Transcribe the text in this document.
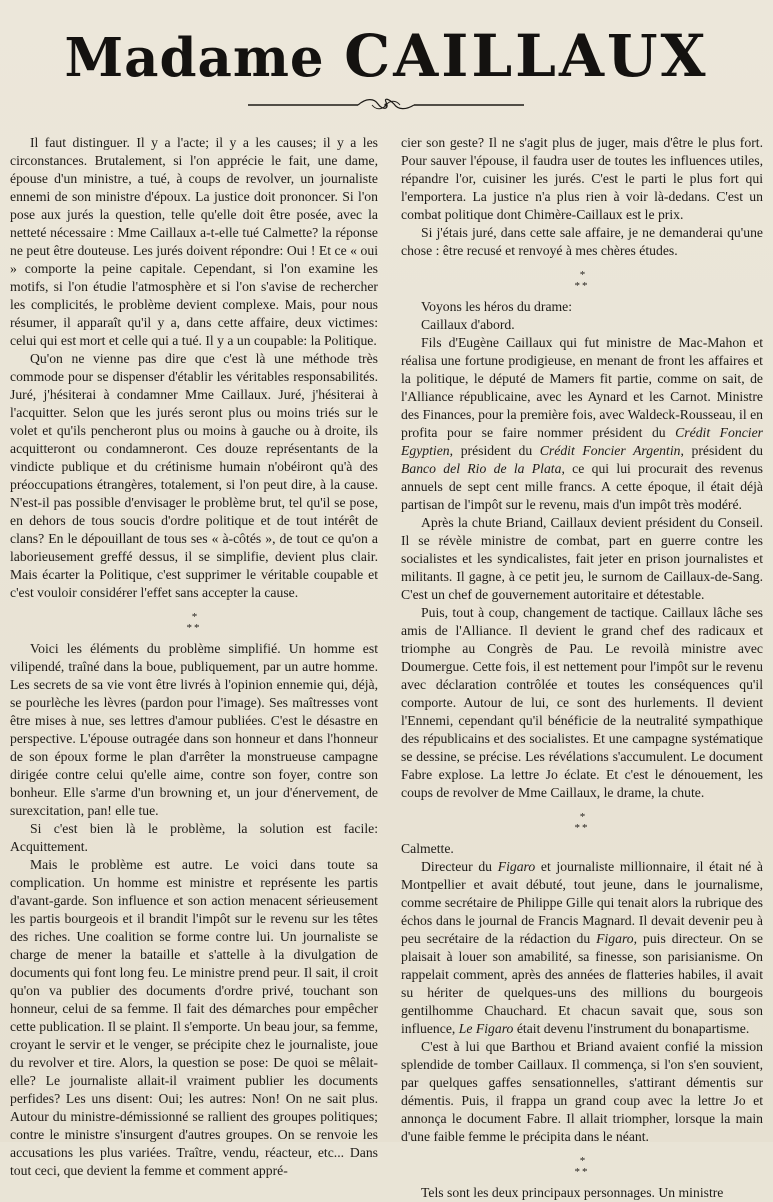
Madame CAILLAUX

Il faut distinguer. Il y a l'acte; il y a les causes; il y a les circonstances. Brutalement, si l'on apprécie le fait, une dame, épouse d'un ministre, a tué, à coups de revolver, un journaliste ennemi de son ministre d'époux. La justice doit prononcer. Si l'on pose aux jurés la question, telle qu'elle doit être posée, avec la netteté nécessaire : Mme Caillaux a-t-elle tué Calmette? la réponse ne peut être douteuse. Les jurés doivent répondre: Oui ! Et ce « oui » comporte la peine capitale. Cependant, si l'on examine les motifs, si l'on étudie l'atmosphère et si l'on s'avise de rechercher les complicités, le problème devient complexe. Mais, pour nous résumer, il apparaît qu'il y a, dans cette affaire, deux victimes: celui qui est mort et celle qui a tué. Il y a un coupable: la Politique.

Qu'on ne vienne pas dire que c'est là une méthode très commode pour se dispenser d'établir les véritables responsabilités. Juré, j'hésiterai à condamner Mme Caillaux. Juré, j'hésiterai à l'acquitter. Selon que les jurés seront plus ou moins triés sur le volet et qu'ils pencheront plus ou moins à gauche ou à droite, ils acquitteront ou condamneront. Ces douze représentants de la vindicte publique et du crétinisme humain n'obéiront qu'à des préoccupations étrangères, totalement, si l'on peut dire, à la cause. N'est-il pas possible d'envisager le problème brut, tel qu'il se pose, en dehors de tous soucis d'ordre politique et de tout intérêt de clans? En le dépouillant de tous ses « à-côtés », de tout ce qu'on a laborieusement greffé dessus, il se simplifie, devient plus clair. Mais écarter la Politique, c'est supprimer le véritable coupable et c'est vouloir considérer l'effet sans accepter la cause.

*
**

Voici les éléments du problème simplifié. Un homme est vilipendé, traîné dans la boue, publiquement, par un autre homme. Les secrets de sa vie vont être livrés à l'opinion ennemie qui, déjà, se pourlèche les lèvres (pardon pour l'image). Ses maîtresses vont être mises à nue, ses lettres d'amour publiées. C'est le désastre en perspective. L'épouse outragée dans son honneur et dans l'honneur de son époux forme le plan d'arrêter la monstrueuse campagne dirigée contre celui qu'elle aime, contre son foyer, contre son bonheur. Elle s'arme d'un browning et, un jour d'énervement, de surexcitation, pan! elle tue.

Si c'est bien là le problème, la solution est facile: Acquittement.

Mais le problème est autre. Le voici dans toute sa complication. Un homme est ministre et représente les partis d'avant-garde. Son influence et son action menacent sérieusement les partis bourgeois et il brandit l'impôt sur le revenu sur les têtes des riches. Une coalition se forme contre lui. Un journaliste se charge de mener la bataille et s'attelle à la divulgation de documents qui font long feu. Le ministre prend peur. Il sait, il croit qu'on va publier des documents d'ordre privé, touchant son honneur, celui de sa femme. Il fait des démarches pour empêcher cette publication. Il se plaint. Il s'emporte. Un beau jour, sa femme, croyant le servir et le venger, se précipite chez le journaliste, joue du revolver et tire. Alors, la question se pose: De quoi se mêlait-elle? Le journaliste allait-il vraiment publier les documents perfides? Les uns disent: Oui; les autres: Non! On ne sait plus. Autour du ministre-démissionné se rallient des groupes politiques; contre le ministre s'insurgent d'autres groupes. On se renvoie les accusations les plus variées. Traître, vendu, réacteur, etc... Dans tout ceci, que devient la femme et comment appré-

cier son geste? Il ne s'agit plus de juger, mais d'être le plus fort. Pour sauver l'épouse, il faudra user de toutes les influences utiles, répandre l'or, cuisiner les jurés. C'est le parti le plus fort qui l'emportera. La justice n'a plus rien à voir là-dedans. C'est un combat politique dont Chimère-Caillaux est le prix.

Si j'étais juré, dans cette sale affaire, je ne demanderai qu'une chose : être recusé et renvoyé à mes chères études.

*
**

Voyons les héros du drame:

Caillaux d'abord.

Fils d'Eugène Caillaux qui fut ministre de Mac-Mahon et réalisa une fortune prodigieuse, en menant de front les affaires et la politique, le député de Mamers fit partie, comme on sait, de l'Alliance républicaine, avec les Aynard et les Carnot. Ministre des Finances, pour la première fois, avec Waldeck-Rousseau, il en profita pour se faire nommer président du Crédit Foncier Egyptien, président du Crédit Foncier Argentin, président du Banco del Rio de la Plata, ce qui lui procurait des revenus annuels de sept cent mille francs. A cette époque, il était déjà partisan de l'impôt sur le revenu, mais d'un impôt très modéré.

Après la chute Briand, Caillaux devient président du Conseil. Il se révèle ministre de combat, part en guerre contre les socialistes et les syndicalistes, fait jeter en prison journalistes et militants. Il gagne, à ce petit jeu, le surnom de Caillaux-de-Sang. C'est un chef de gouvernement autoritaire et détestable.

Puis, tout à coup, changement de tactique. Caillaux lâche ses amis de l'Alliance. Il devient le grand chef des radicaux et triomphe au Congrès de Pau. Le revoilà ministre avec Doumergue. Cette fois, il est nettement pour l'impôt sur le revenu avec déclaration contrôlée et toutes les conséquences qu'il comporte. Autour de lui, ce sont des hurlements. Il devient l'Ennemi, cependant qu'il bénéficie de la neutralité sympathique des républicains et des socialistes. Et une campagne systématique se dessine, se précise. Les révélations s'accumulent. Le document Fabre explose. La lettre Jo éclate. Et c'est le dénouement, les coups de revolver de Mme Caillaux, le drame, la chute.

*
**

Calmette.

Directeur du Figaro et journaliste millionnaire, il était né à Montpellier et avait débuté, tout jeune, dans le journalisme, comme secrétaire de Philippe Gille qui tenait alors la rubrique des échos dans le journal de Francis Magnard. Il devait devenir peu à peu secrétaire de la rédaction du Figaro, puis directeur. On se plaisait à louer son amabilité, sa finesse, son parisianisme. On rappelait comment, après des années de flatteries habiles, il avait su hériter de quelques-uns des millions du bourgeois gentilhomme Chauchard. Et chacun savait que, sous son influence, Le Figaro était devenu l'instrument du bonapartisme.

C'est à lui que Barthou et Briand avaient confié la mission splendide de tomber Caillaux. Il commença, si l'on s'en souvient, par quelques gaffes sensationnelles, s'attirant démentis sur démentis. Puis, il frappa un grand coup avec la lettre Jo et annonça le document Fabre. Il allait triompher, lorsque la main d'une faible femme le précipita dans le néant.

*
**

Tels sont les deux principaux personnages. Un ministre
